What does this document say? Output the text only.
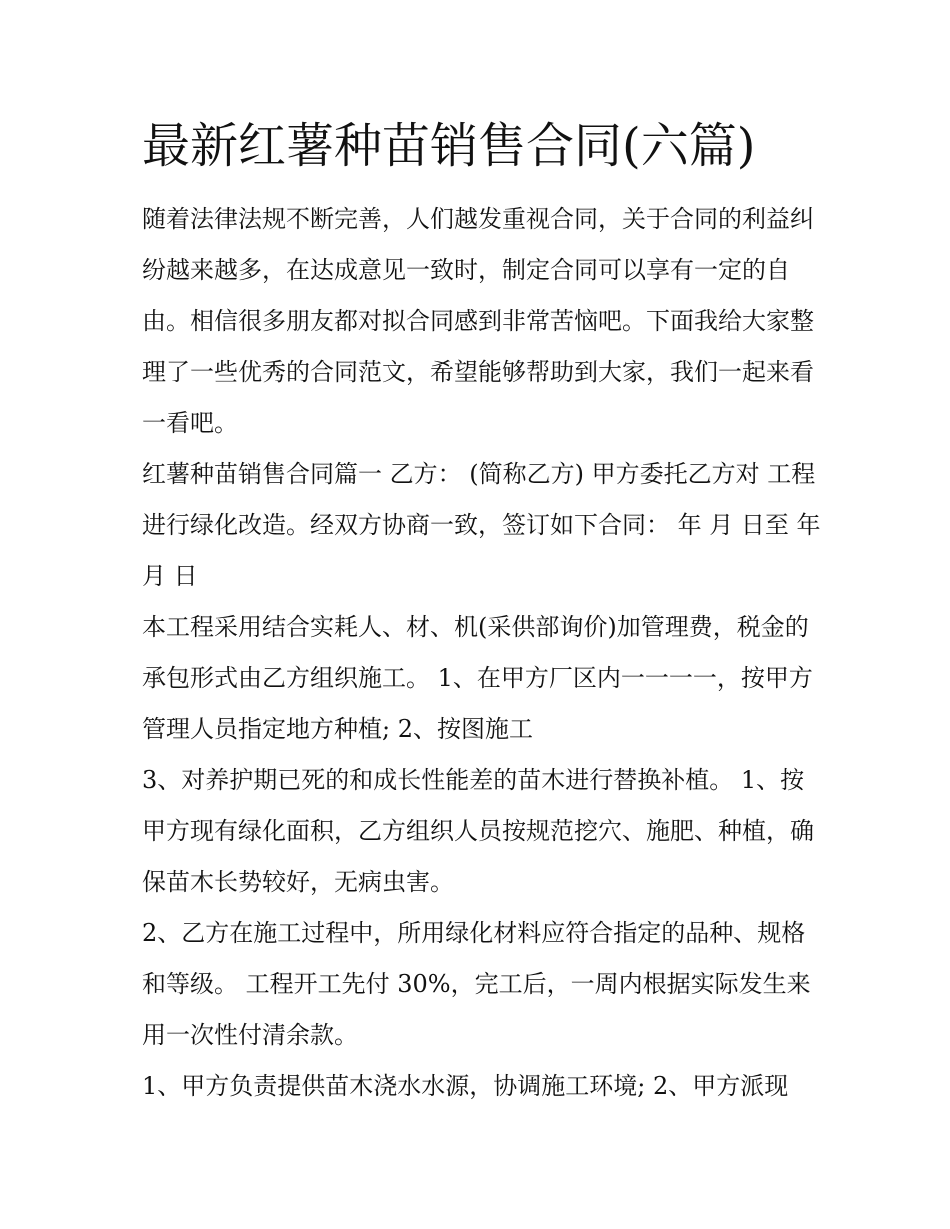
最新红薯种苗销售合同(六篇)

随着法律法规不断完善，人们越发重视合同，关于合同的利益纠纷越来越多，在达成意见一致时，制定合同可以享有一定的自由。相信很多朋友都对拟合同感到非常苦恼吧。下面我给大家整理了一些优秀的合同范文，希望能够帮助到大家，我们一起来看一看吧。

红薯种苗销售合同篇一 乙方： (简称乙方) 甲方委托乙方对 工程进行绿化改造。经双方协商一致，签订如下合同： 年 月 日至 年 月 日

本工程采用结合实耗人、材、机(采供部询价)加管理费，税金的承包形式由乙方组织施工。 1、在甲方厂区内一一一一，按甲方管理人员指定地方种植; 2、按图施工

3、对养护期已死的和成长性能差的苗木进行替换补植。 1、按甲方现有绿化面积，乙方组织人员按规范挖穴、施肥、种植，确保苗木长势较好，无病虫害。

2、乙方在施工过程中，所用绿化材料应符合指定的品种、规格和等级。 工程开工先付 30%，完工后，一周内根据实际发生来用一次性付清余款。

1、甲方负责提供苗木浇水水源，协调施工环境; 2、甲方派现
